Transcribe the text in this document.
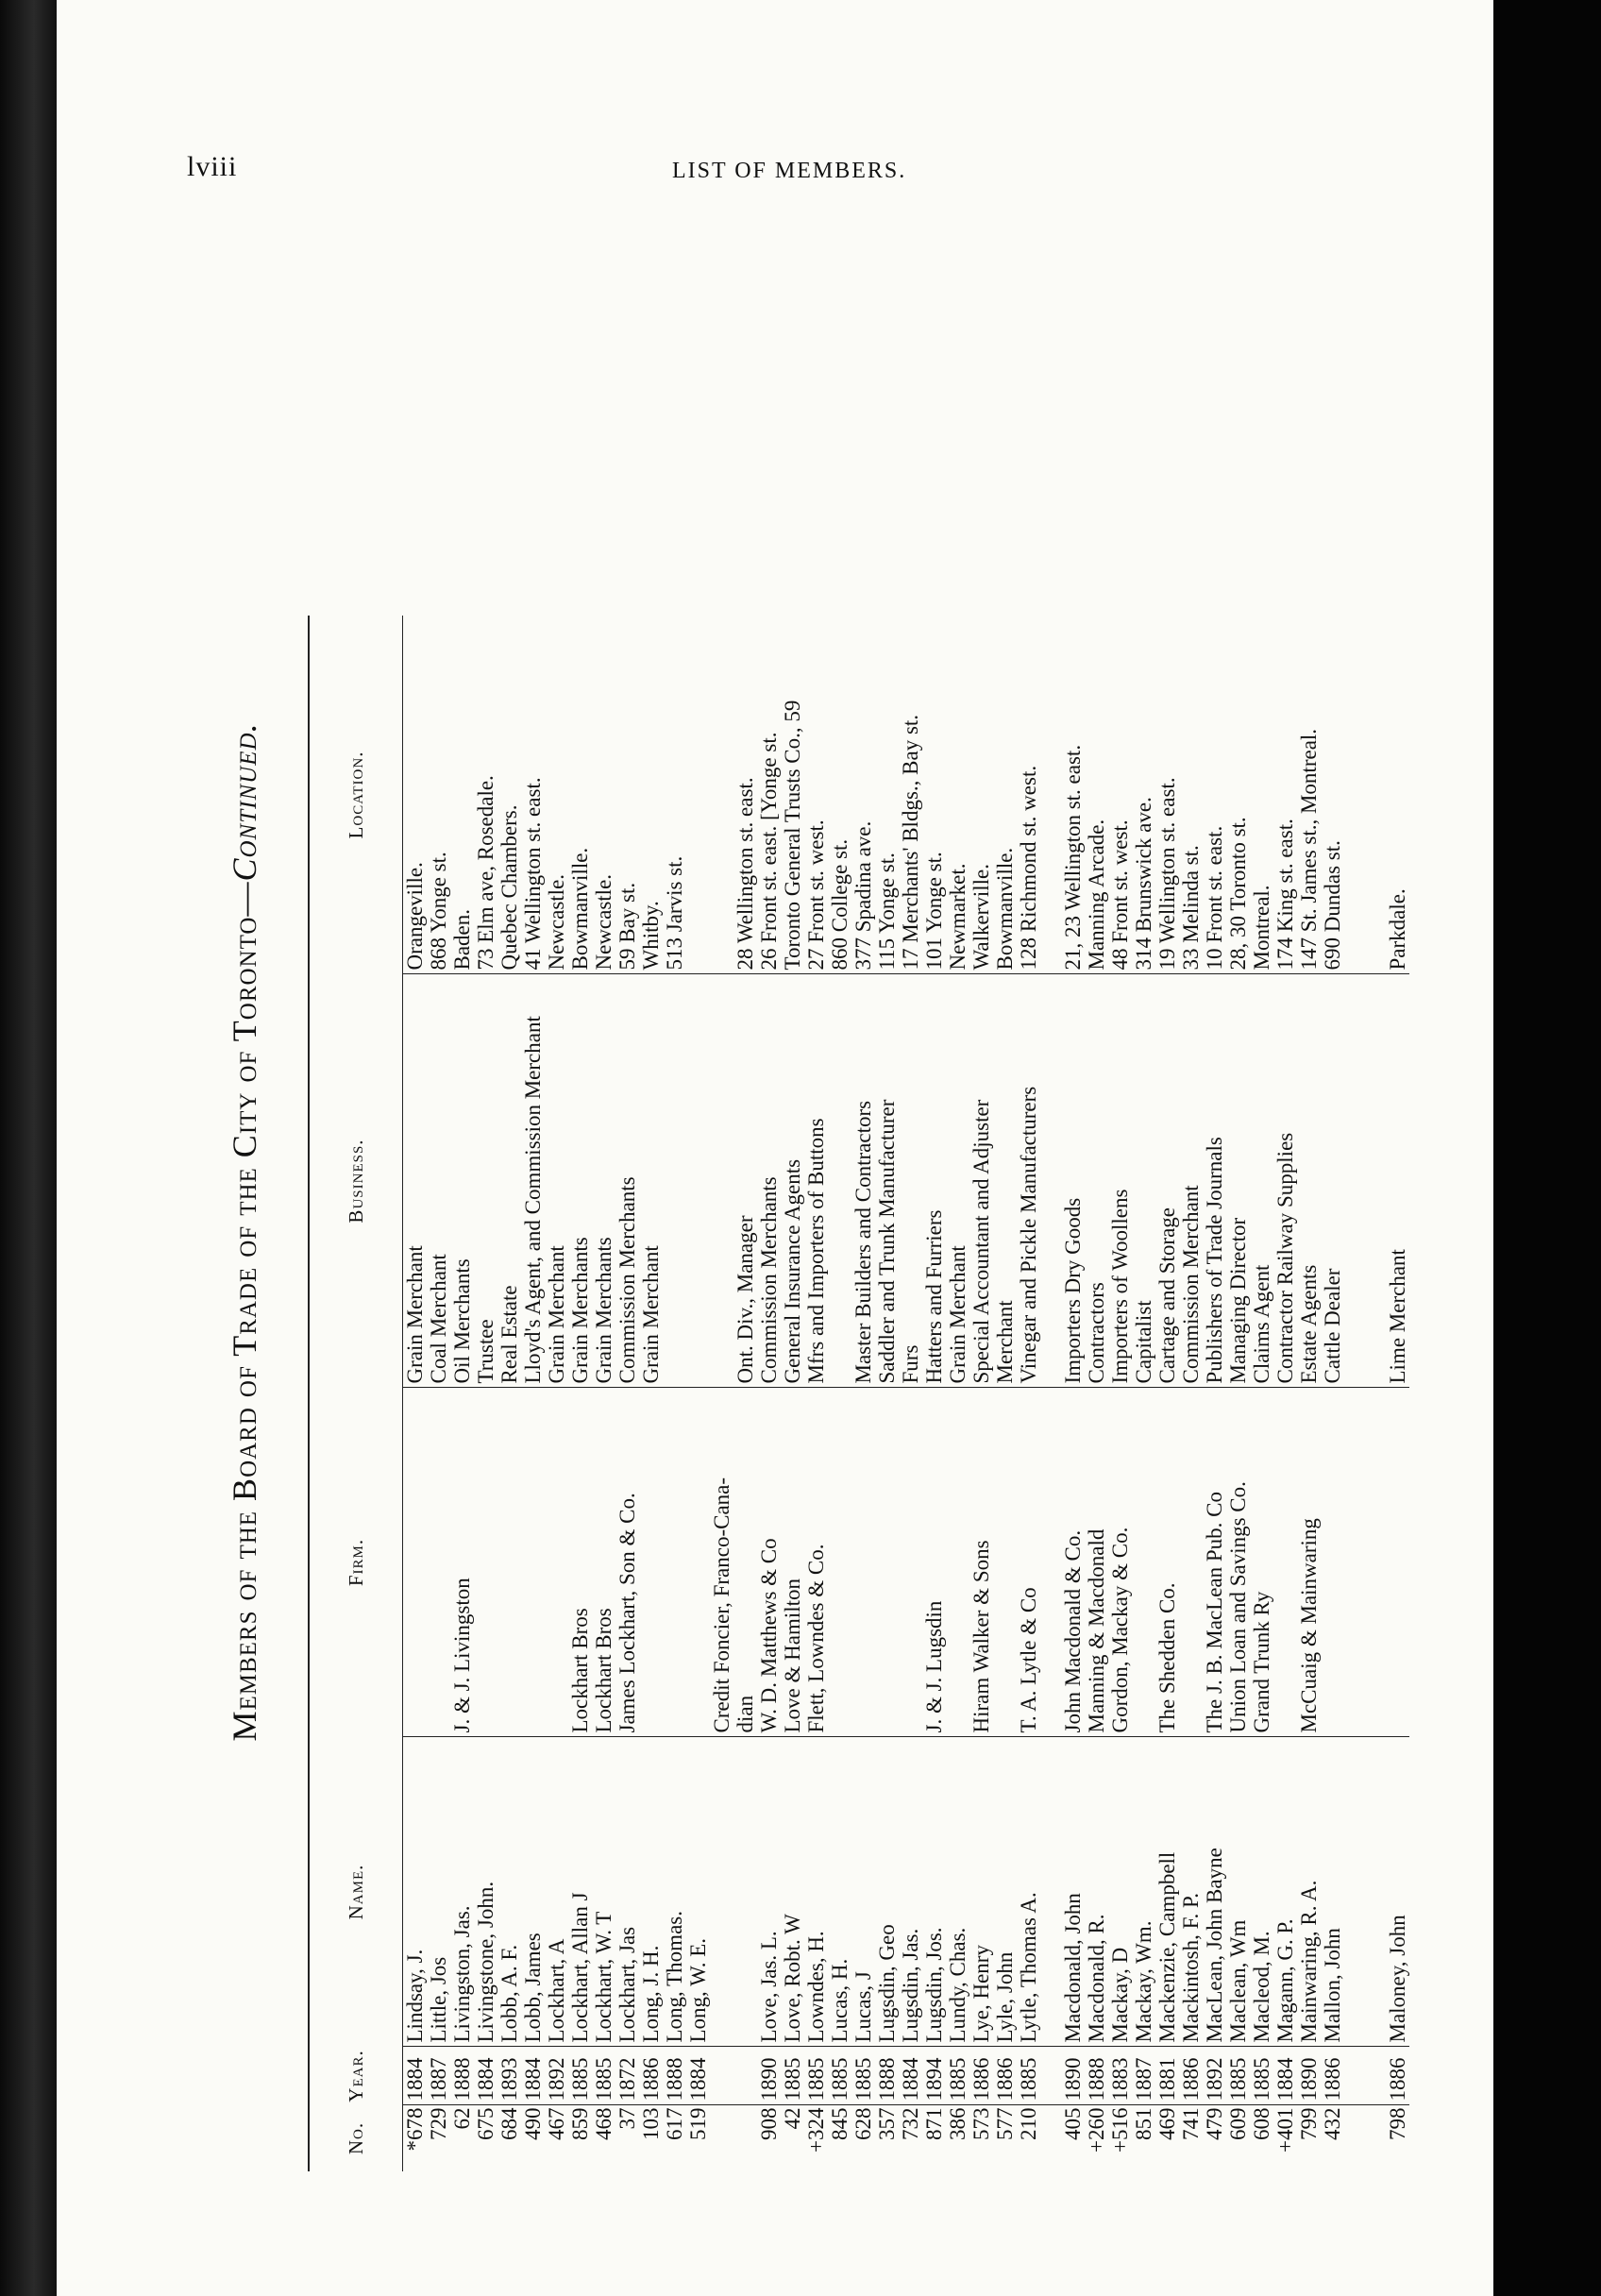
lviii	LIST OF MEMBERS.
Members of the Board of Trade of the City of Toronto—Continued.
No.	Year.	Name.	Firm.	Business.	Location.
*678	1884	Lindsay, J.		Grain Merchant	Orangeville.
729	1887	Little, Jos		Coal Merchant	868 Yonge st.
62	1888	Livingston, Jas.	J. & J. Livingston	Oil Merchants	Baden.
675	1884	Livingstone, John.		Trustee	73 Elm ave, Rosedale.
684	1893	Lobb, A. F.		Real Estate	Quebec Chambers.
490	1884	Lobb, James		Lloyd's Agent, and Commission Merchant	41 Wellington st. east.
467	1892	Lockhart, A		Grain Merchant	Newcastle.
859	1885	Lockhart, Allan J	Lockhart Bros	Grain Merchants	Bowmanville.
468	1885	Lockhart, W. T	Lockhart Bros	Grain Merchants	Newcastle.
37	1872	Lockhart, Jas	James Lockhart, Son & Co.	Commission Merchants	59 Bay st.
103	1886	Long, J. H.		Grain Merchant	Whitby.
617	1888	Long, Thomas.			513 Jarvis st.
519	1884	Long, W. E.			
			Credit Foncier, Franco-Cana-		
			dian	Ont. Div., Manager	28 Wellington st. east.
908	1890	Love, Jas. L.	W. D. Matthews & Co	Commission Merchants	26 Front st. east. [Yonge st.
42	1885	Love, Robt. W	Love & Hamilton	General Insurance Agents	Toronto General Trusts Co., 59
+324	1885	Lowndes, H.	Flett, Lowndes & Co.	Mfrs and Importers of Buttons	27 Front st. west.
845	1885	Lucas, H.			860 College st.
628	1885	Lucas, J		Master Builders and Contractors	377 Spadina ave.
357	1888	Lugsdin, Geo		Saddler and Trunk Manufacturer	115 Yonge st.
732	1884	Lugsdin, Jas.		Furs	17 Merchants' Bldgs., Bay st.
871	1894	Lugsdin, Jos.	J. & J. Lugsdin	Hatters and Furriers	101 Yonge st.
386	1885	Lundy, Chas.		Grain Merchant	Newmarket.
573	1886	Lye, Henry	Hiram Walker & Sons	Special Accountant and Adjuster	Walkerville.
577	1886	Lyle, John		Merchant	Bowmanville.
210	1885	Lytle, Thomas A.	T. A. Lytle & Co	Vinegar and Pickle Manufacturers	128 Richmond st. west.

405	1890	Macdonald, John	John Macdonald & Co.	Importers Dry Goods	21, 23 Wellington st. east.
+260	1888	Macdonald, R.	Manning & Macdonald	Contractors	Manning Arcade.
+516	1883	Mackay, D	Gordon, Mackay & Co.	Importers of Woollens	48 Front st. west.
851	1887	Mackay, Wm.		Capitalist	314 Brunswick ave.
469	1881	Mackenzie, Campbell	The Shedden Co.	Cartage and Storage	19 Wellington st. east.
741	1886	Mackintosh, F. P.		Commission Merchant	33 Melinda st.
479	1892	MacLean, John Bayne	The J. B. MacLean Pub. Co	Publishers of Trade Journals	10 Front st. east.
609	1885	Maclean, Wm	Union Loan and Savings Co.	Managing Director	28, 30 Toronto st.
608	1885	Macleod, M.	Grand Trunk Ry	Claims Agent	Montreal.
+401	1884	Magann, G. P.		Contractor Railway Supplies	174 King st. east.
799	1890	Mainwaring, R. A.	McCuaig & Mainwaring	Estate Agents	147 St. James st., Montreal.
432	1886	Mallon, John		Cattle Dealer	690 Dundas st.

798	1886	Maloney, John		Lime Merchant	Parkdale.
